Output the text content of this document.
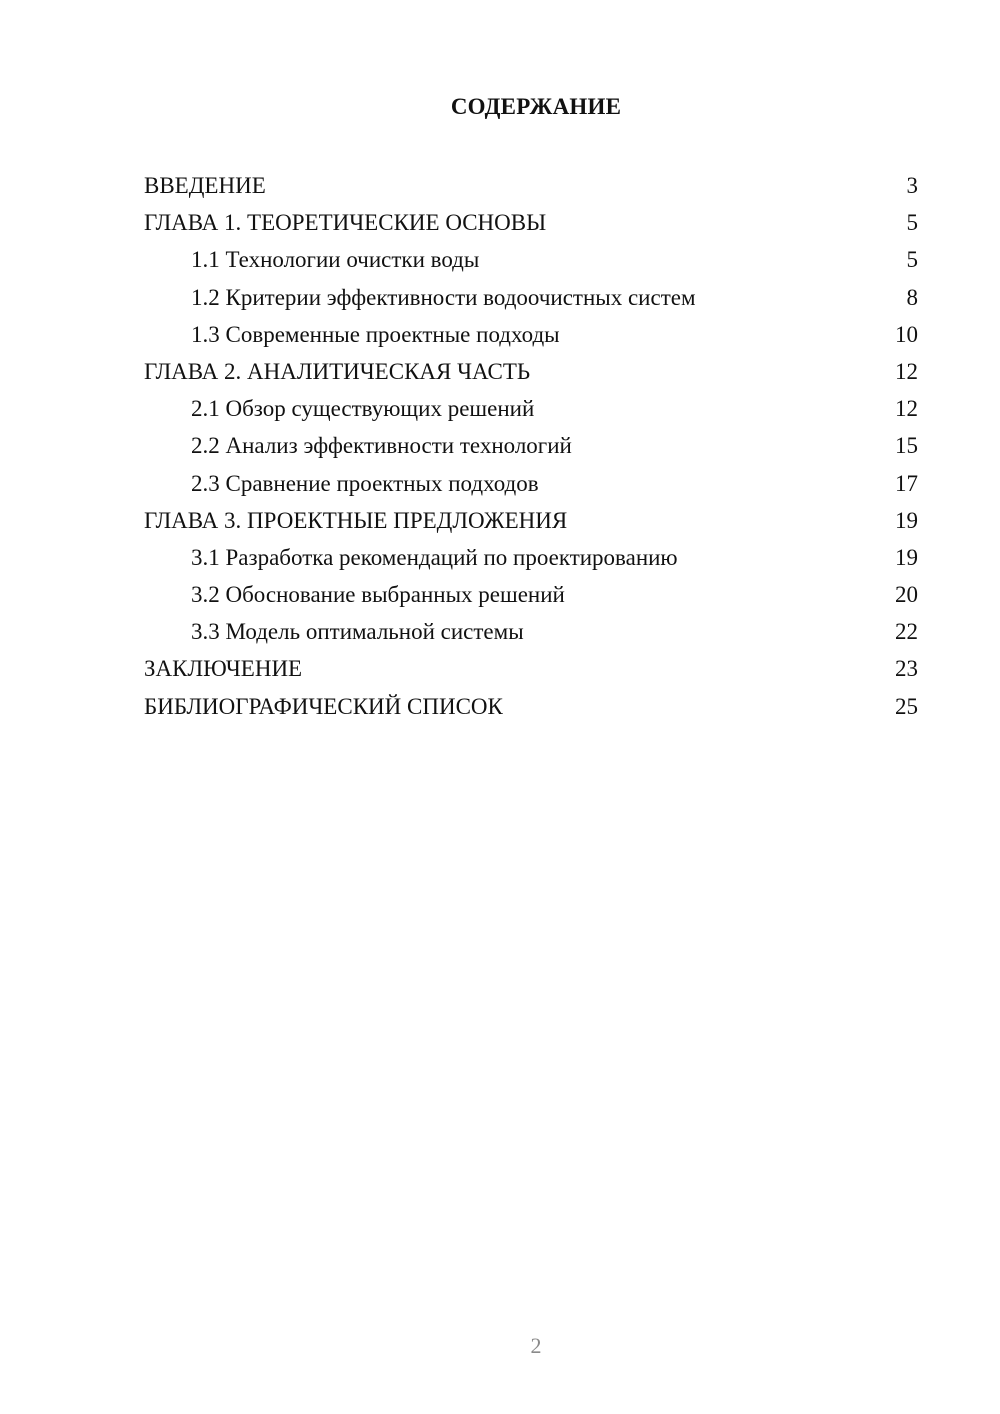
СОДЕРЖАНИЕ
ВВЕДЕНИЕ	3
ГЛАВА 1. ТЕОРЕТИЧЕСКИЕ ОСНОВЫ	5
1.1 Технологии очистки воды	5
1.2 Критерии эффективности водоочистных систем	8
1.3 Современные проектные подходы	10
ГЛАВА 2. АНАЛИТИЧЕСКАЯ ЧАСТЬ	12
2.1 Обзор существующих решений	12
2.2 Анализ эффективности технологий	15
2.3 Сравнение проектных подходов	17
ГЛАВА 3. ПРОЕКТНЫЕ ПРЕДЛОЖЕНИЯ	19
3.1 Разработка рекомендаций по проектированию	19
3.2 Обоснование выбранных решений	20
3.3 Модель оптимальной системы	22
ЗАКЛЮЧЕНИЕ	23
БИБЛИОГРАФИЧЕСКИЙ СПИСОК	25
2
